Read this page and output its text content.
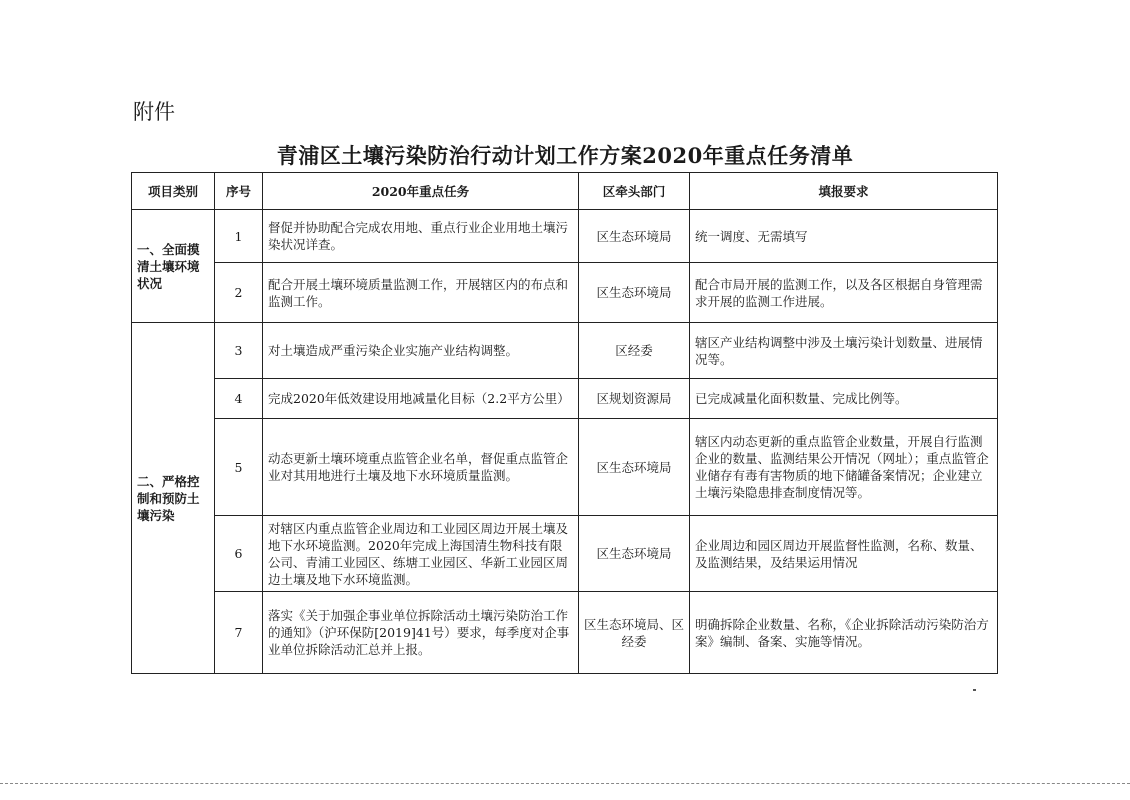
附件
青浦区土壤污染防治行动计划工作方案2020年重点任务清单
项目类别	序号	2020年重点任务	区牵头部门	填报要求
一、全面摸清土壤环境状况	1	督促并协助配合完成农用地、重点行业企业用地土壤污染状况详查。	区生态环境局	统一调度、无需填写
	2	配合开展土壤环境质量监测工作，开展辖区内的布点和监测工作。	区生态环境局	配合市局开展的监测工作，以及各区根据自身管理需求开展的监测工作进展。
二、严格控制和预防土壤污染	3	对土壤造成严重污染企业实施产业结构调整。	区经委	辖区产业结构调整中涉及土壤污染计划数量、进展情况等。
	4	完成2020年低效建设用地减量化目标（2.2平方公里）	区规划资源局	已完成减量化面积数量、完成比例等。
	5	动态更新土壤环境重点监管企业名单，督促重点监管企业对其用地进行土壤及地下水环境质量监测。	区生态环境局	辖区内动态更新的重点监管企业数量，开展自行监测企业的数量、监测结果公开情况（网址）；重点监管企业储存有毒有害物质的地下储罐备案情况；企业建立土壤污染隐患排查制度情况等。
	6	对辖区内重点监管企业周边和工业园区周边开展土壤及地下水环境监测。2020年完成上海国清生物科技有限公司、青浦工业园区、练塘工业园区、华新工业园区周边土壤及地下水环境监测。	区生态环境局	企业周边和园区周边开展监督性监测，名称、数量、及监测结果，及结果运用情况
	7	落实《关于加强企事业单位拆除活动土壤污染防治工作的通知》（沪环保防[2019]41号）要求，每季度对企事业单位拆除活动汇总并上报。	区生态环境局、区经委	明确拆除企业数量、名称，《企业拆除活动污染防治方案》编制、备案、实施等情况。
